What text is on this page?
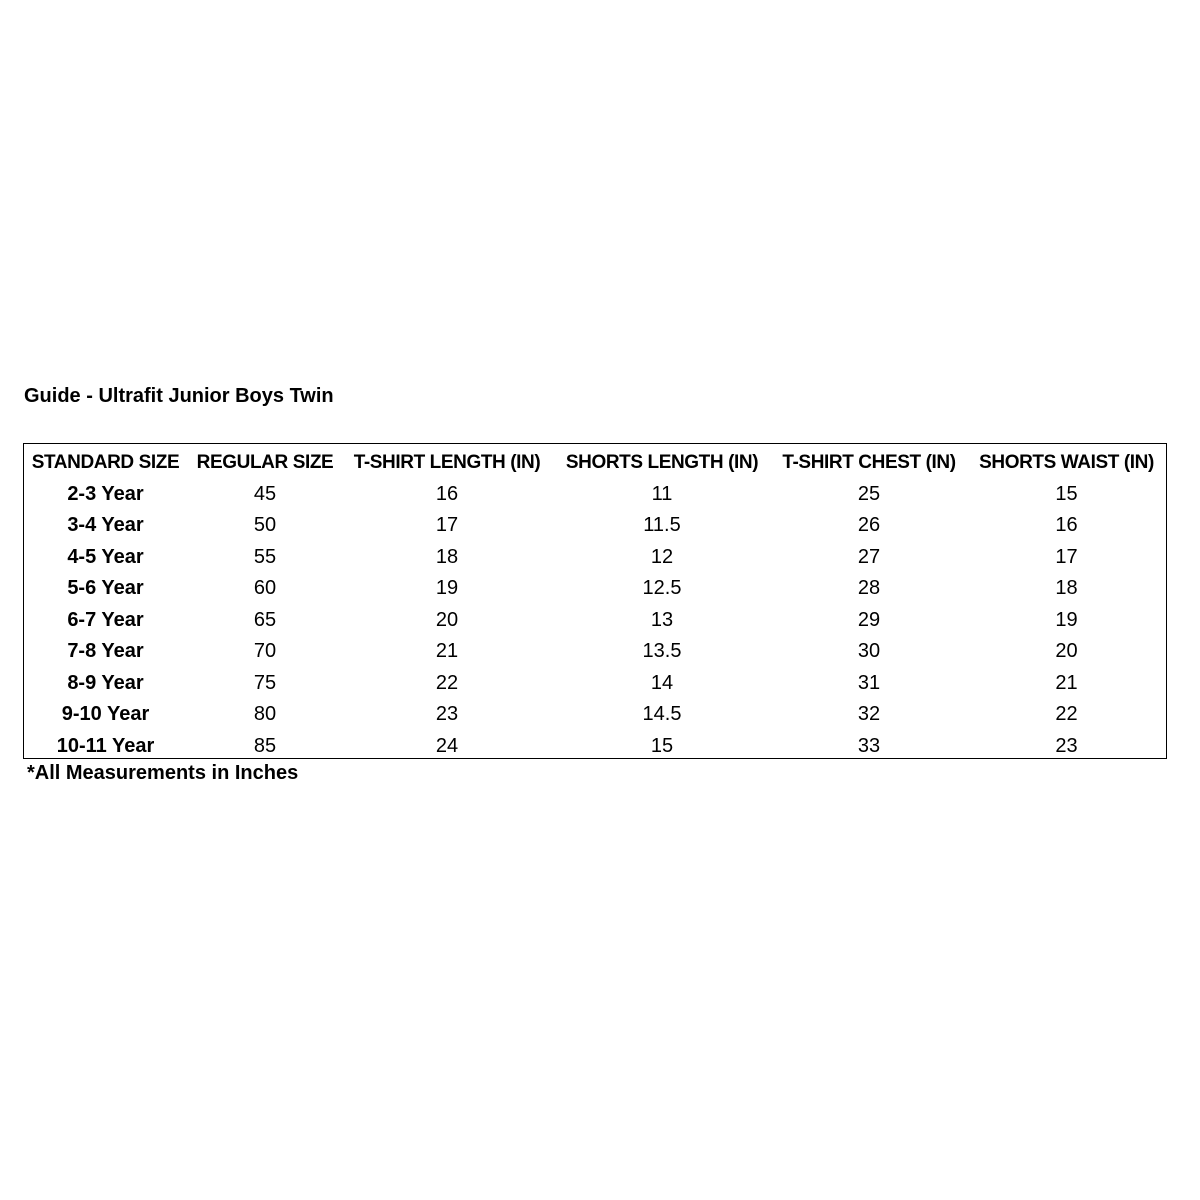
Guide - Ultrafit Junior Boys Twin
STANDARD SIZE	REGULAR SIZE	T-SHIRT LENGTH (IN)	SHORTS LENGTH (IN)	T-SHIRT CHEST (IN)	SHORTS WAIST (IN)
2-3 Year	45	16	11	25	15
3-4 Year	50	17	11.5	26	16
4-5 Year	55	18	12	27	17
5-6 Year	60	19	12.5	28	18
6-7 Year	65	20	13	29	19
7-8 Year	70	21	13.5	30	20
8-9 Year	75	22	14	31	21
9-10 Year	80	23	14.5	32	22
10-11 Year	85	24	15	33	23
*All Measurements in Inches
